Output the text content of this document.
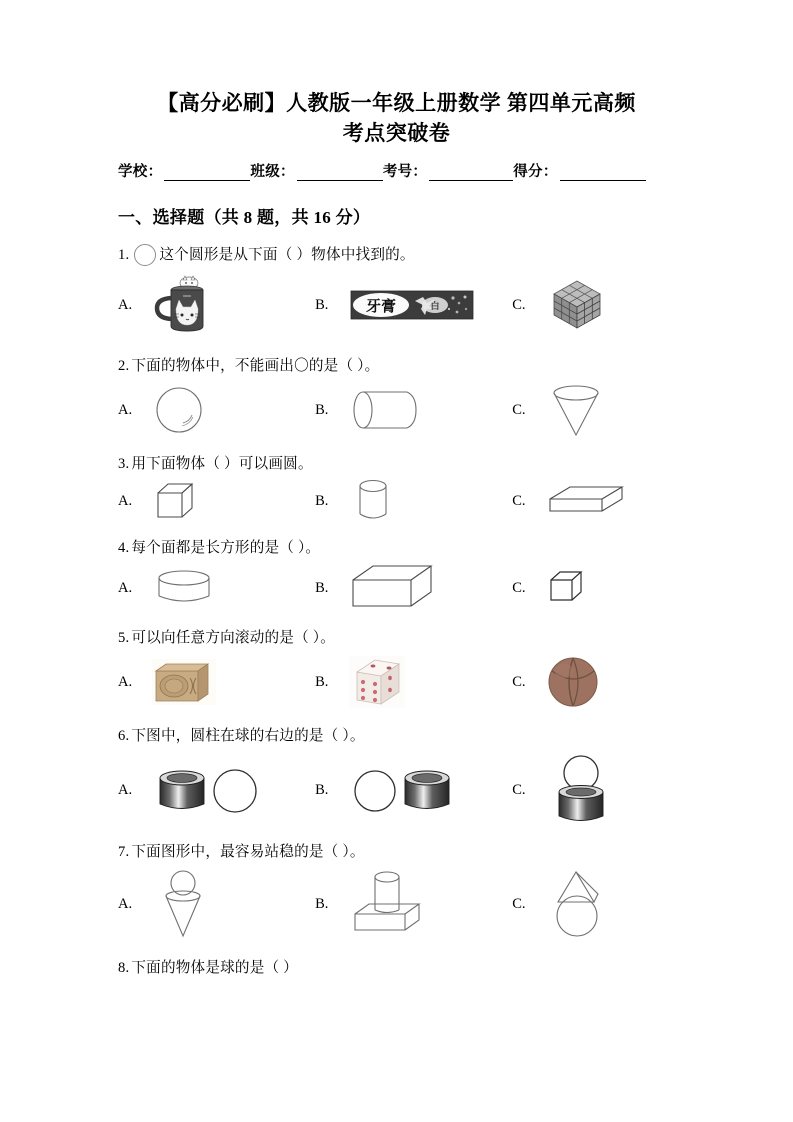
【高分必刷】人教版一年级上册数学 第四单元高频
考点突破卷
学校：	班级：	考号：	得分：
一、选择题（共 8 题，共 16 分）
1. 这个圆形是从下面（ ）物体中找到的。
A.	B.	牙膏	白	C.
2. 下面的物体中，不能画出〇的是（ ）。
A.	B.	C.
3. 用下面物体（ ）可以画圆。
A.	B.	C.
4. 每个面都是长方形的是（ ）。
A.	B.	C.
5. 可以向任意方向滚动的是（ ）。
A.	B.	C.
6. 下图中，圆柱在球的右边的是（ ）。
A.	B.	C.
7. 下面图形中，最容易站稳的是（ ）。
A.	B.	C.
8. 下面的物体是球的是（ ）
